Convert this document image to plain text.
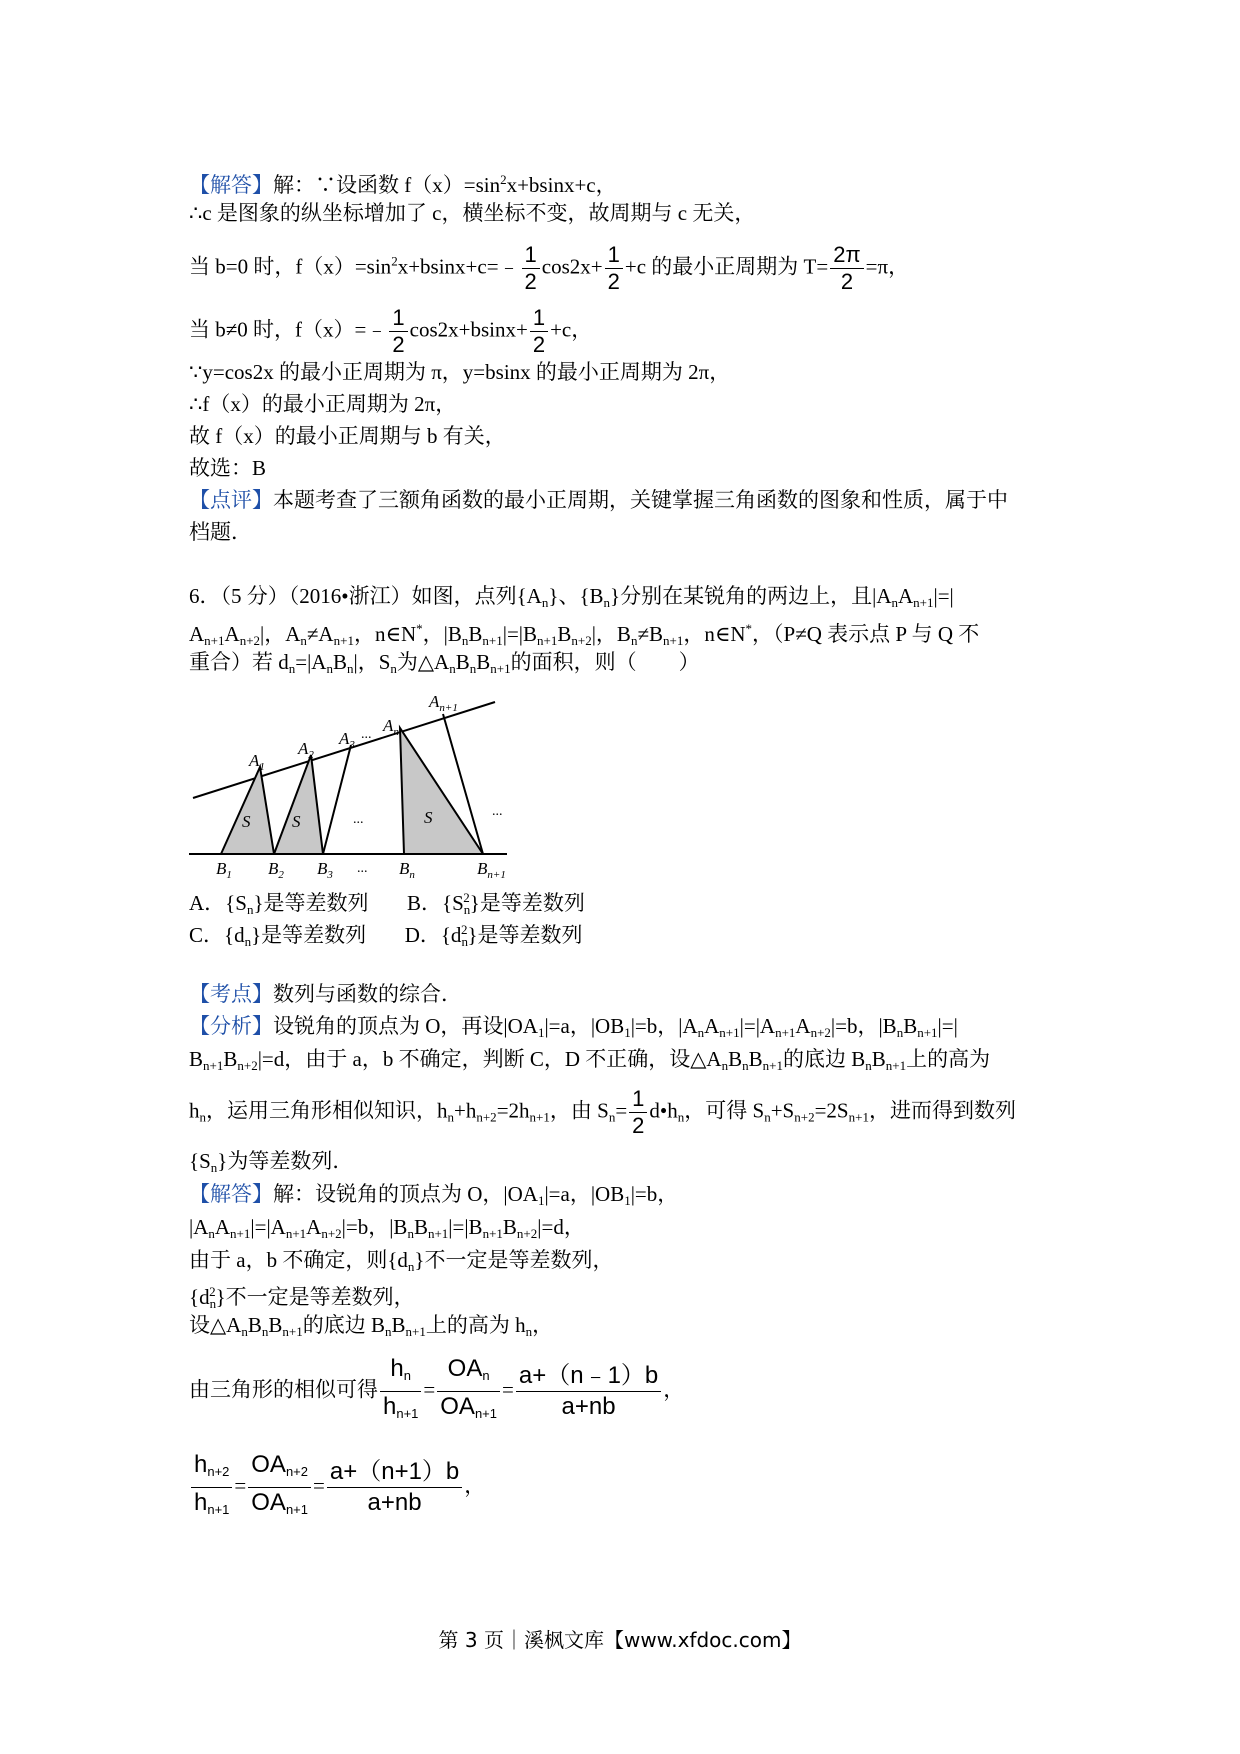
【解答】解：∵设函数 $f(x)=\sin^2x+bsinx+c$，
∴c 是图象的纵坐标增加了 c，横坐标不变，故周期与 c 无关，
当 b=0 时，$f(x)=\sin^2x+bsinx+c=﹣ \frac{1}{2} \cos 2x+ \frac{1}{2} +c$ 的最小正周期为 $T= \frac{2\pi}{2} =\pi$，
当 b≠0 时，f（x）=﹣ $\frac{1}{2} \cos 2x+bsinx+ \frac{1}{2} +c$，
∵y=cos2x 的最小正周期为 π，y=bsinx 的最小正周期为 2π，
∴f（x）的最小正周期为 2π，
故 f（x）的最小正周期与 b 有关，
故选：B
【点评】本题考查了三额角函数的最小正周期，关键掌握三角函数的图象和性质，属于中
档题．
6．（5 分）（2016•浙江）如图，点列$\{A_n\}$、$\{B_n\}$分别在某锐角的两边上，且$|A_nA_{n+1}|=|$
$A_{n+1}A_{n+2}|$，$A_n\ne A_{n+1}$，n∈N*，$|B_nB_{n+1}|=|B_{n+1}B_{n+2}|$，$B_n\ne B_{n+1}$，n∈N*，（P≠Q 表示点 P 与 Q 不
重合）若 $d_n=|A_nB_n|$，$S_n$为$\triangle A_nB_nB_{n+1}$的面积，则（　　）
$A_1$
$A_2$
$A_3$
... $A_n$
$A_{n+1}$
S S	...	S	...
$B_1$ $B_2$ $B_3$ ... $B_n$	$B_{n+1}$
A．$\{S_n\}$是等差数列 B．$\{S_n^2\}$是等差数列
C．$\{d_n\}$是等差数列 D．$\{d_n^2\}$是等差数列
【考点】数列与函数的综合．
【分析】设锐角的顶点为 O，再设$|OA_1|=a$，$|OB_1|=b$，$|A_nA_{n+1}|=|A_{n+1}A_{n+2}|=b$，$|B_nB_{n+1}|=|$
$B_{n+1}B_{n+2}|=d$，由于 a，b 不确定，判断 C，D 不正确，设$\triangle A_nB_nB_{n+1}$的底边 $B_nB_{n+1}$上的高为
$h_n$，运用三角形相似知识，$h_n+h_{n+2}=2h_{n+1}$，由 $S_n= \frac{1}{2}$ $d•h_n$，可得 $S_n+S_{n+2}=2S_{n+1}$，进而得到数列
$\{S_n\}$为等差数列．
【解答】解：设锐角的顶点为 O，$|OA_1|=a$，$|OB_1|=b$，
$|A_nA_{n+1}|=|A_{n+1}A_{n+2}|=b$，$|B_nB_{n+1}|=|B_{n+1}B_{n+2}|=d$，
由于 a，b 不确定，则$\{d_n\}$不一定是等差数列，
$\{d_n^2\}$不一定是等差数列，
设$\triangle A_nB_nB_{n+1}$的底边 $B_nB_{n+1}$上的高为 $h_n$，
由三角形的相似可得 $\frac{h_n}{h_{n+1}} = \frac{OA_n}{OA_{n+1}} = \frac{a+(n﹣1)b}{a+nb}$ ，
$\frac{h_{n+2}}{h_{n+1}} = \frac{OA_{n+2}}{OA_{n+1}} = \frac{a+(n+1)b}{a+nb}$ ，
第 3 页｜溪枫文库【www.xfdoc.com】
